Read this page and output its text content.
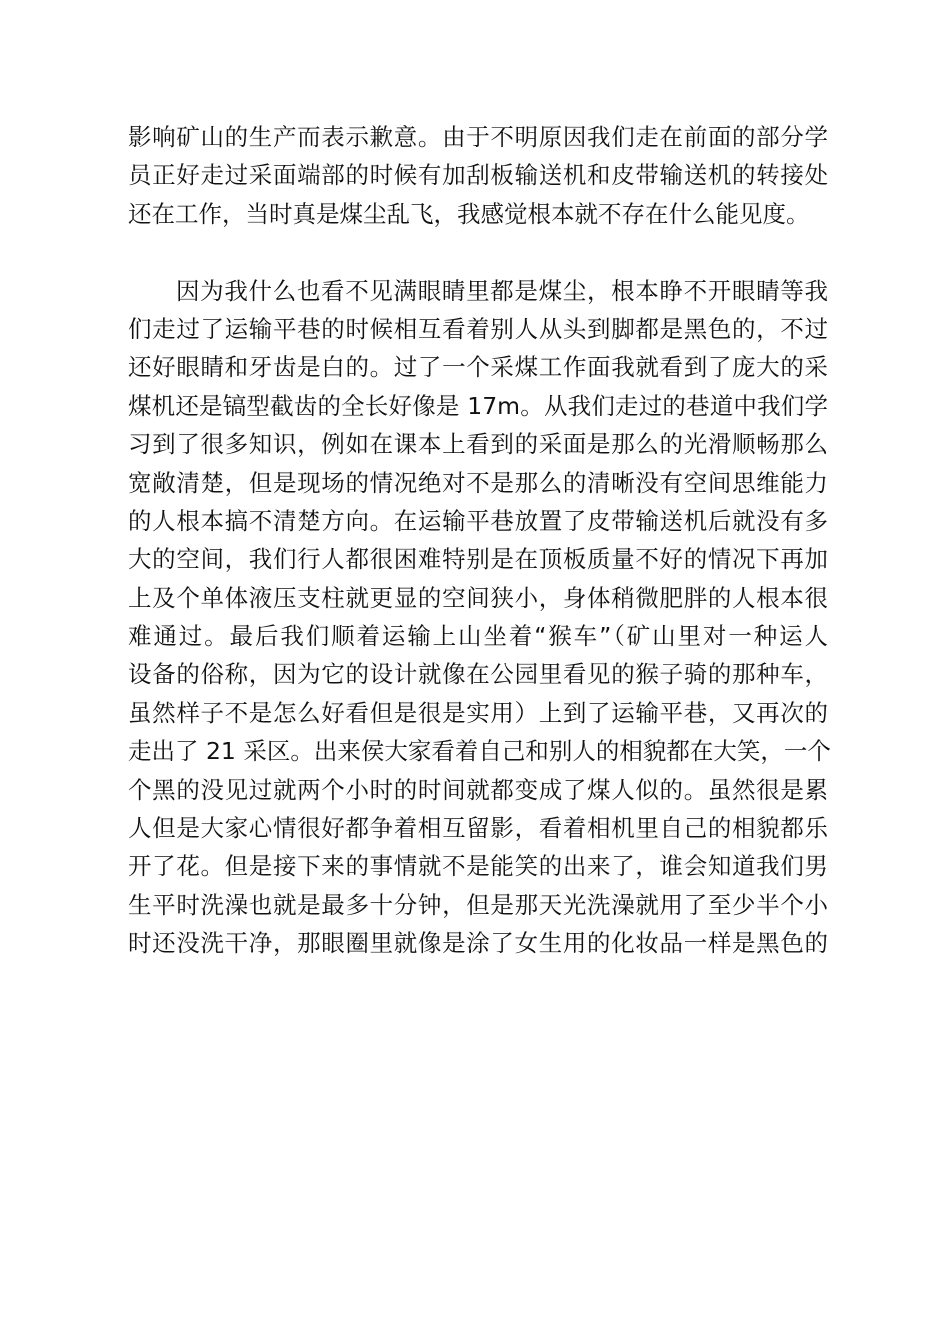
影响矿山的生产而表示歉意。由于不明原因我们走在前面的部分学
员正好走过采面端部的时候有加刮板输送机和皮带输送机的转接处
还在工作，当时真是煤尘乱飞，我感觉根本就不存在什么能见度。
因为我什么也看不见满眼睛里都是煤尘，根本睁不开眼睛等我
们走过了运输平巷的时候相互看着别人从头到脚都是黑色的，不过
还好眼睛和牙齿是白的。过了一个采煤工作面我就看到了庞大的采
煤机还是镐型截齿的全长好像是 17m。从我们走过的巷道中我们学
习到了很多知识，例如在课本上看到的采面是那么的光滑顺畅那么
宽敞清楚，但是现场的情况绝对不是那么的清晰没有空间思维能力
的人根本搞不清楚方向。在运输平巷放置了皮带输送机后就没有多
大的空间，我们行人都很困难特别是在顶板质量不好的情况下再加
上及个单体液压支柱就更显的空间狭小，身体稍微肥胖的人根本很
难通过。最后我们顺着运输上山坐着“猴车”（矿山里对一种运人
设备的俗称，因为它的设计就像在公园里看见的猴子骑的那种车，
虽然样子不是怎么好看但是很是实用）上到了运输平巷，又再次的
走出了 21 采区。出来侯大家看着自己和别人的相貌都在大笑，一个
个黑的没见过就两个小时的时间就都变成了煤人似的。虽然很是累
人但是大家心情很好都争着相互留影，看着相机里自己的相貌都乐
开了花。但是接下来的事情就不是能笑的出来了，谁会知道我们男
生平时洗澡也就是最多十分钟，但是那天光洗澡就用了至少半个小
时还没洗干净，那眼圈里就像是涂了女生用的化妆品一样是黑色的
